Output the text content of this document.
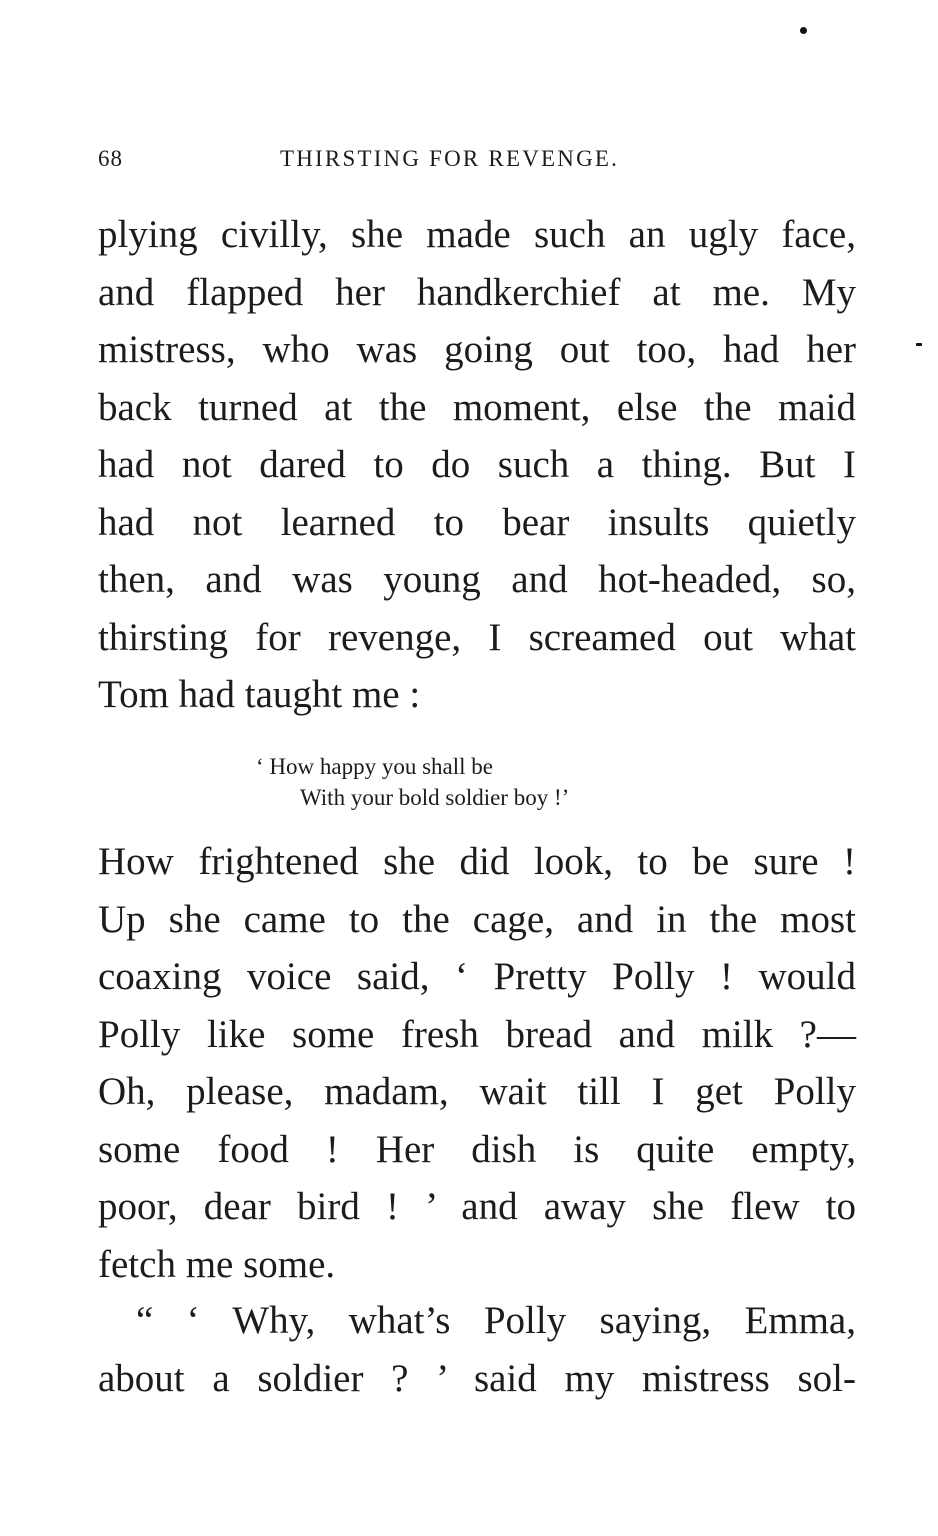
68	THIRSTING FOR REVENGE.
plying civilly, she made such an ugly face,
and flapped her handkerchief at me. My
mistress, who was going out too, had her
back turned at the moment, else the maid
had not dared to do such a thing. But I
had not learned to bear insults quietly
then, and was young and hot-headed, so,
thirsting for revenge, I screamed out what
Tom had taught me :
‘ How happy you shall be
With your bold soldier boy !’
How frightened she did look, to be sure !
Up she came to the cage, and in the most
coaxing voice said, ‘ Pretty Polly ! would
Polly like some fresh bread and milk ?—
Oh, please, madam, wait till I get Polly
some food ! Her dish is quite empty,
poor, dear bird ! ’ and away she flew to
fetch me some.
“ ‘ Why, what’s Polly saying, Emma,
about a soldier ? ’ said my mistress sol-
